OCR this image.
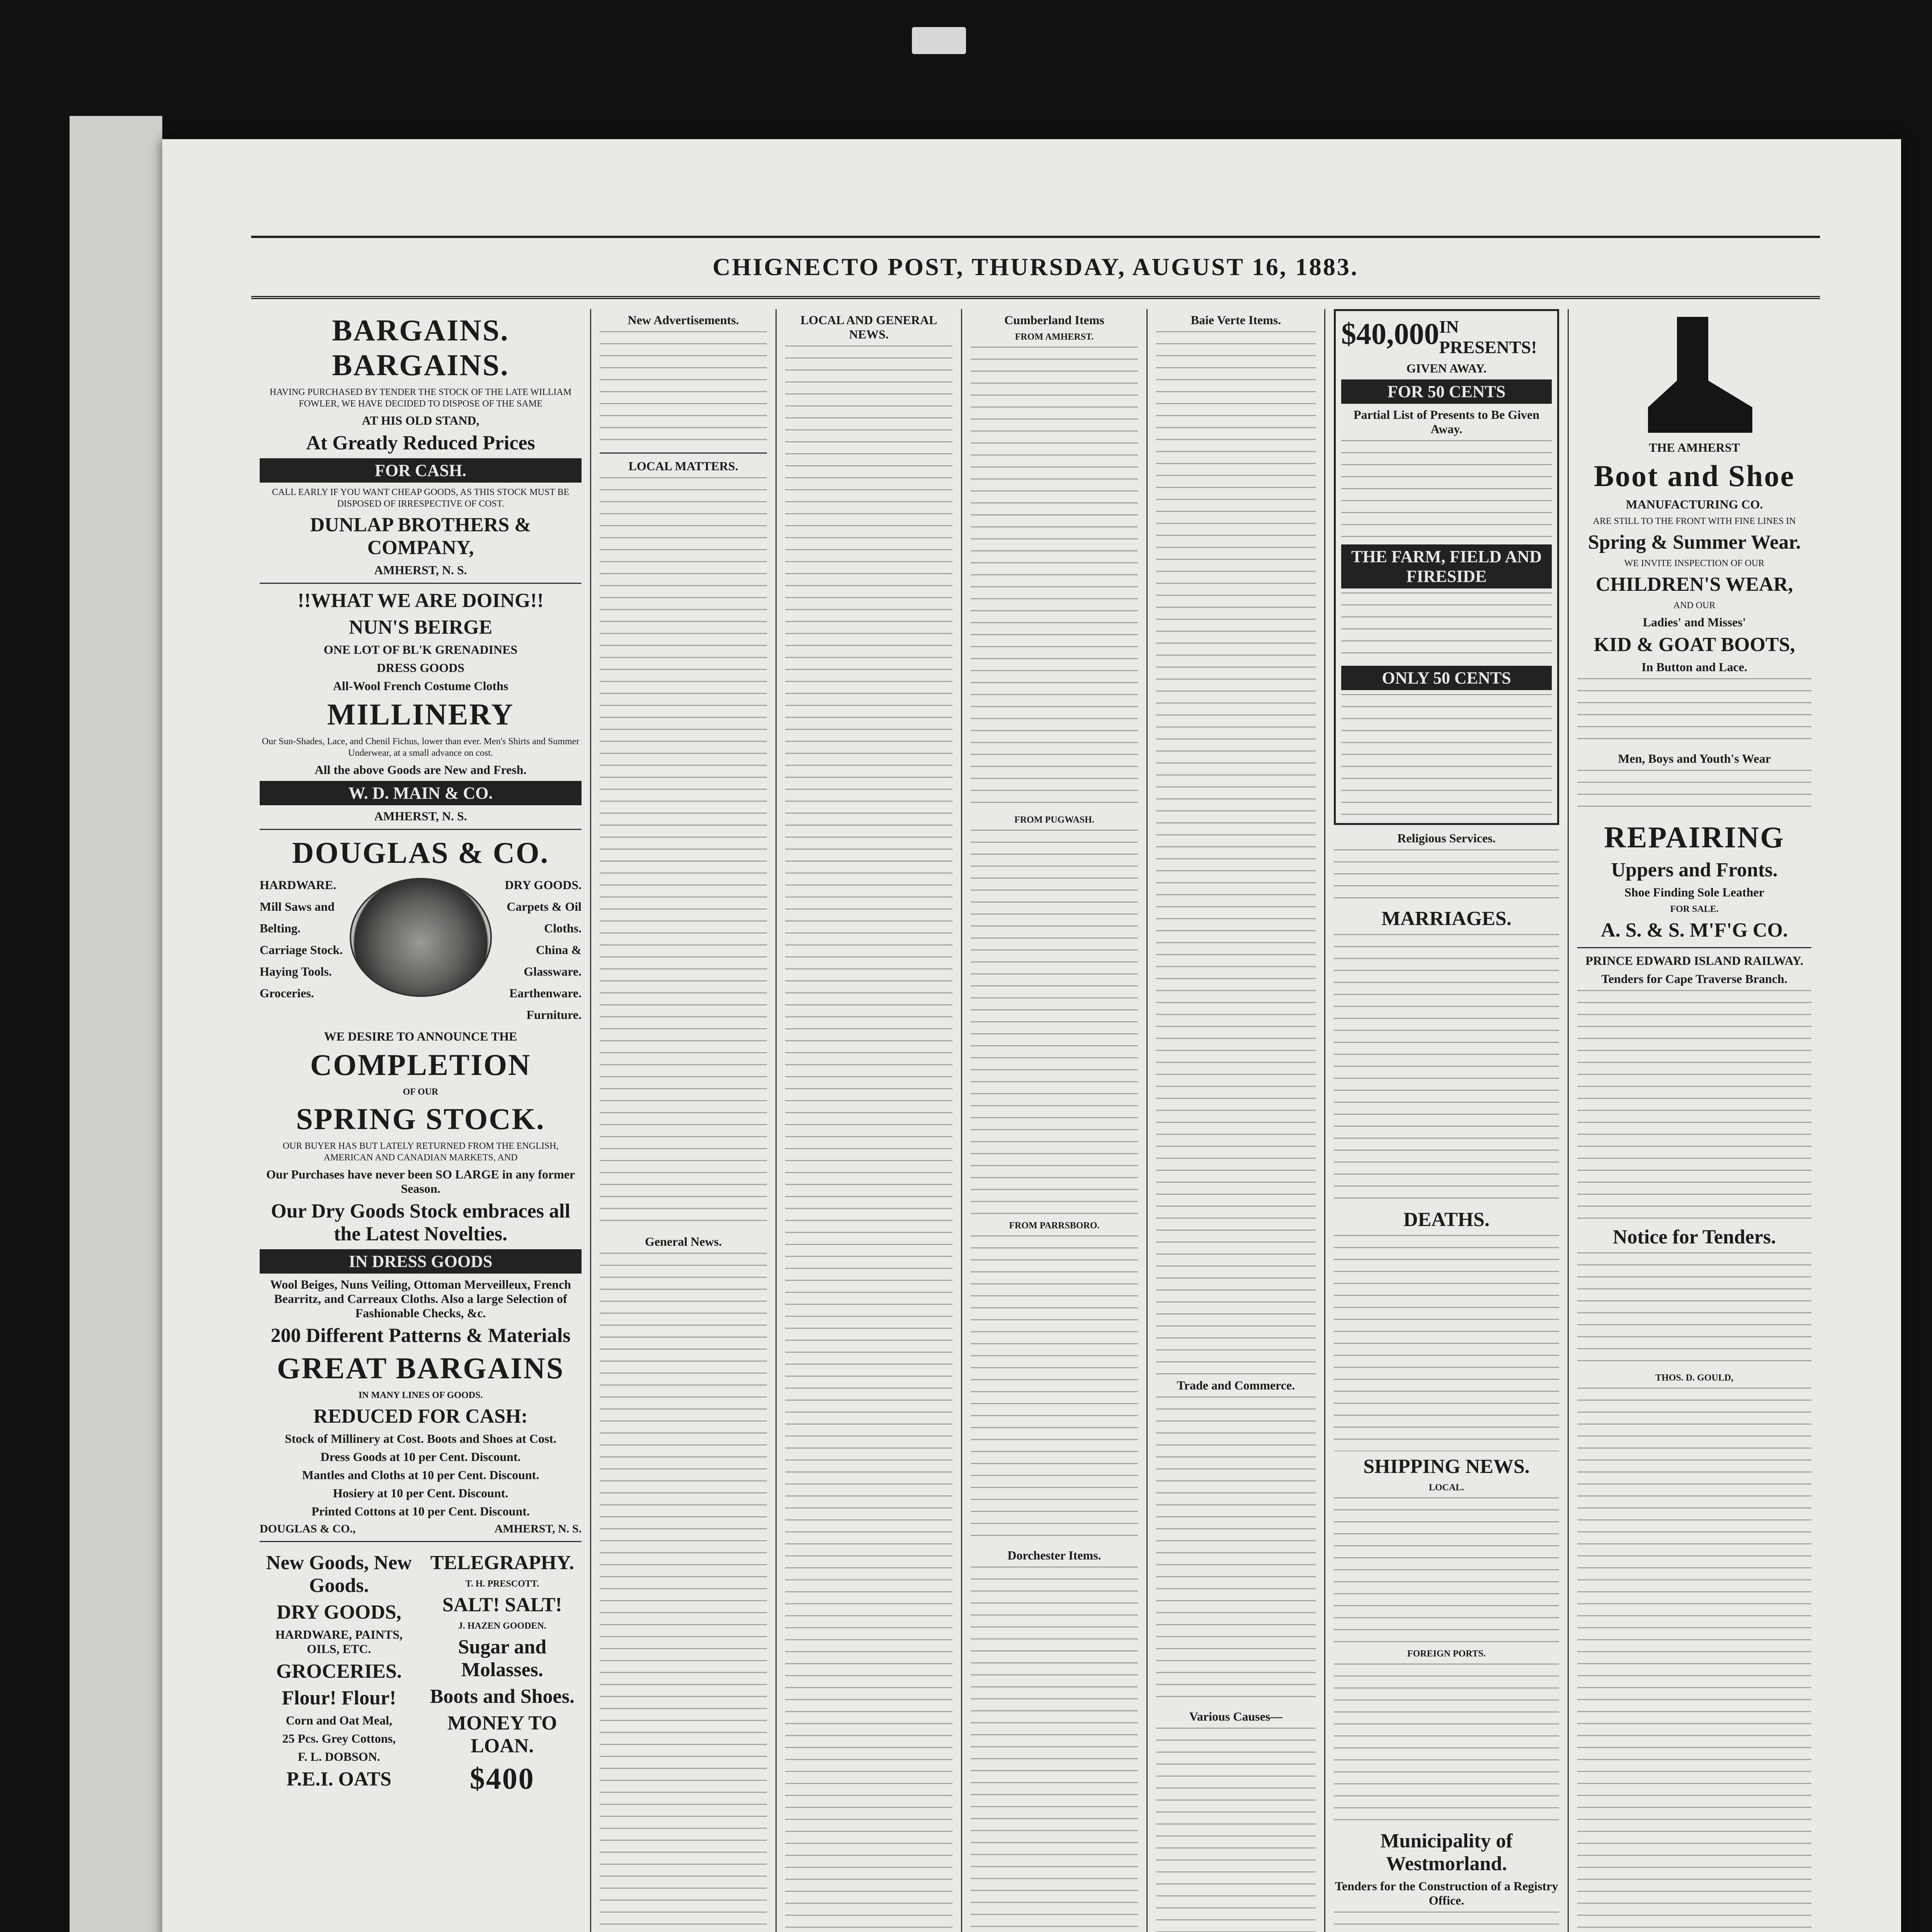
CHIGNECTO POST, THURSDAY, AUGUST 16, 1883.
BARGAINS. BARGAINS.
HAVING PURCHASED BY TENDER THE STOCK OF THE LATE WILLIAM FOWLER, WE HAVE DECIDED TO DISPOSE OF THE SAME
AT HIS OLD STAND,
At Greatly Reduced Prices
FOR CASH.
CALL EARLY IF YOU WANT CHEAP GOODS, AS THIS STOCK MUST BE DISPOSED OF IRRESPECTIVE OF COST.
DUNLAP BROTHERS & COMPANY,
AMHERST, N. S.
!!WHAT WE ARE DOING!!
NUN'S BEIRGE
ONE LOT OF BL'K GRENADINES
DRESS GOODS
All-Wool French Costume Cloths
MILLINERY
Our Sun-Shades, Lace, and Chenil Fichus, lower than ever. Men's Shirts and Summer Underwear, at a small advance on cost.
All the above Goods are New and Fresh.
W. D. MAIN & CO.
AMHERST, N. S.
DOUGLAS & CO.
HARDWARE.
Mill Saws and Belting.
Carriage Stock.
Haying Tools.
Groceries.
DRY GOODS.
Carpets & Oil Cloths.
China & Glassware.
Earthenware.
Furniture.
WE DESIRE TO ANNOUNCE THE
COMPLETION
OF OUR
SPRING STOCK.
OUR BUYER HAS BUT LATELY RETURNED FROM THE ENGLISH, AMERICAN AND CANADIAN MARKETS, AND
Our Purchases have never been SO LARGE in any former Season.
Our Dry Goods Stock embraces all the Latest Novelties.
IN DRESS GOODS
Wool Beiges, Nuns Veiling, Ottoman Merveilleux, French Bearritz, and Carreaux Cloths. Also a large Selection of Fashionable Checks, &c.
200 Different Patterns & Materials
GREAT BARGAINS
IN MANY LINES OF GOODS.
REDUCED FOR CASH:
Stock of Millinery at Cost. Boots and Shoes at Cost.
Dress Goods at 10 per Cent. Discount.
Mantles and Cloths at 10 per Cent. Discount.
Hosiery at 10 per Cent. Discount.
Printed Cottons at 10 per Cent. Discount.
DOUGLAS & CO.,	AMHERST, N. S.
New Goods, New Goods.
DRY GOODS,
HARDWARE, PAINTS, OILS, ETC.
GROCERIES.
Flour! Flour!
Corn and Oat Meal,
25 Pcs. Grey Cottons,
F. L. DOBSON.
P.E.I. OATS
TELEGRAPHY.
T. H. PRESCOTT.
SALT! SALT!
J. HAZEN GOODEN.
Sugar and Molasses.
Boots and Shoes.
MONEY TO LOAN.
$400
New Advertisements.
LOCAL MATTERS.
General News.
LOCAL AND GENERAL NEWS.
Cumberland Items
FROM AMHERST.
FROM PUGWASH.
FROM PARRSBORO.
Dorchester Items.
Baie Verte Items.
Trade and Commerce.
Various Causes—
$40,000 IN PRESENTS!
GIVEN AWAY.
FOR 50 CENTS
Partial List of Presents to Be Given Away.
THE FARM, FIELD AND FIRESIDE
ONLY 50 CENTS
Religious Services.
MARRIAGES.
DEATHS.
SHIPPING NEWS.
LOCAL.
FOREIGN PORTS.
Municipality of Westmorland.
Tenders for the Construction of a Registry Office.
THE AMHERST
Boot and Shoe
MANUFACTURING CO.
ARE STILL TO THE FRONT WITH FINE LINES IN
Spring & Summer Wear.
WE INVITE INSPECTION OF OUR
CHILDREN'S WEAR,
AND OUR
Ladies' and Misses'
KID & GOAT BOOTS,
In Button and Lace.
Men, Boys and Youth's Wear
REPAIRING
Uppers and Fronts.
Shoe Finding Sole Leather
FOR SALE.
A. S. & S. M'F'G CO.
PRINCE EDWARD ISLAND RAILWAY.
Tenders for Cape Traverse Branch.
Notice for Tenders.
THOS. D. GOULD,
